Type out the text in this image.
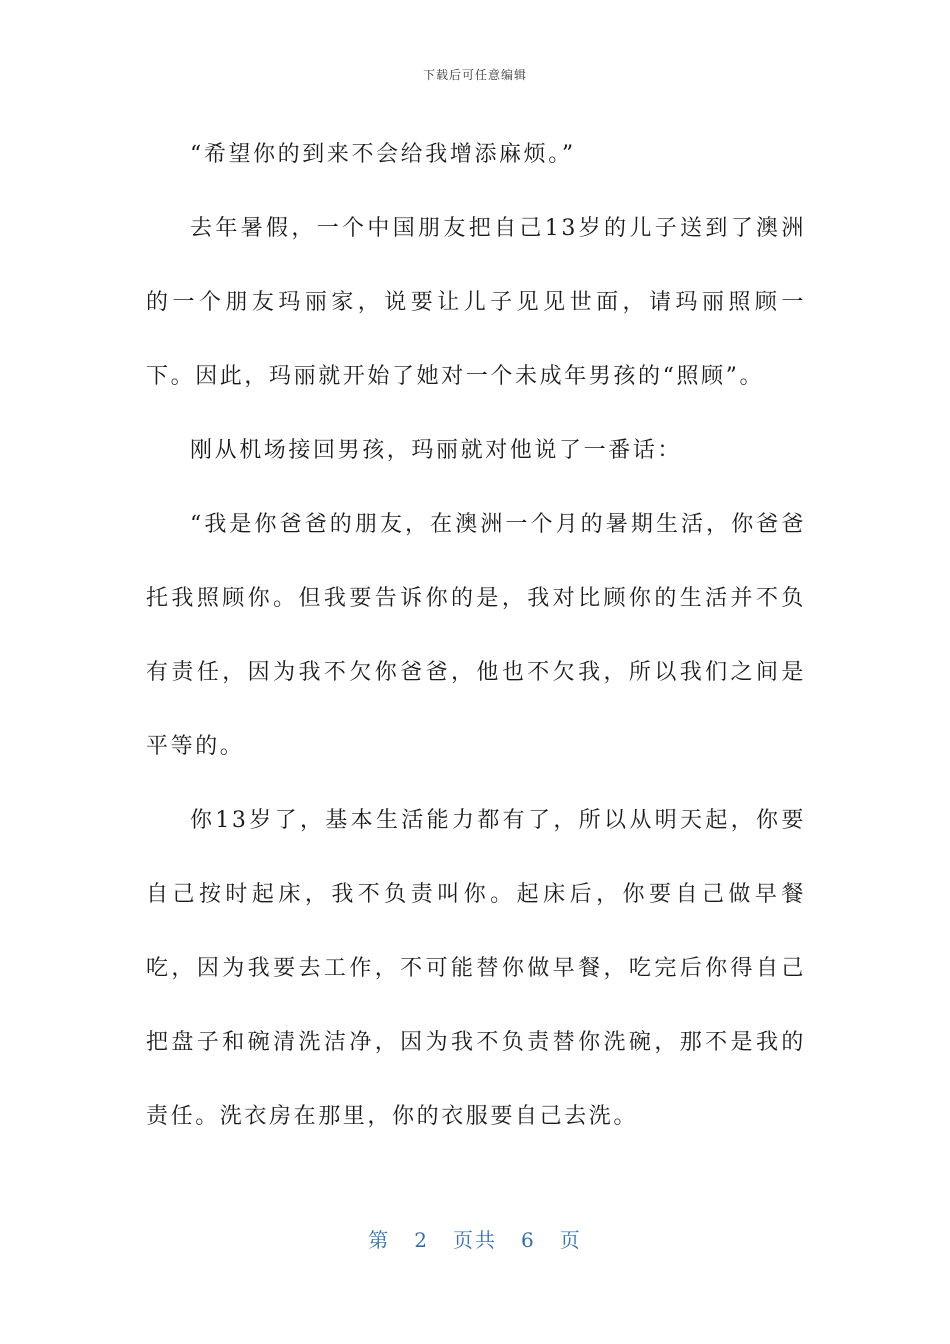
下载后可任意编辑

“希望你的到来不会给我增添麻烦。”

去年暑假，一个中国朋友把自己13岁的儿子送到了澳洲的一个朋友玛丽家，说要让儿子见见世面，请玛丽照顾一下。因此，玛丽就开始了她对一个未成年男孩的“照顾”。

刚从机场接回男孩，玛丽就对他说了一番话：

“我是你爸爸的朋友，在澳洲一个月的暑期生活，你爸爸托我照顾你。但我要告诉你的是，我对比顾你的生活并不负有责任，因为我不欠你爸爸，他也不欠我，所以我们之间是平等的。

你13岁了，基本生活能力都有了，所以从明天起，你要自己按时起床，我不负责叫你。起床后，你要自己做早餐吃，因为我要去工作，不可能替你做早餐，吃完后你得自己把盘子和碗清洗洁净，因为我不负责替你洗碗，那不是我的责任。洗衣房在那里，你的衣服要自己去洗。

第 2 页共 6 页
